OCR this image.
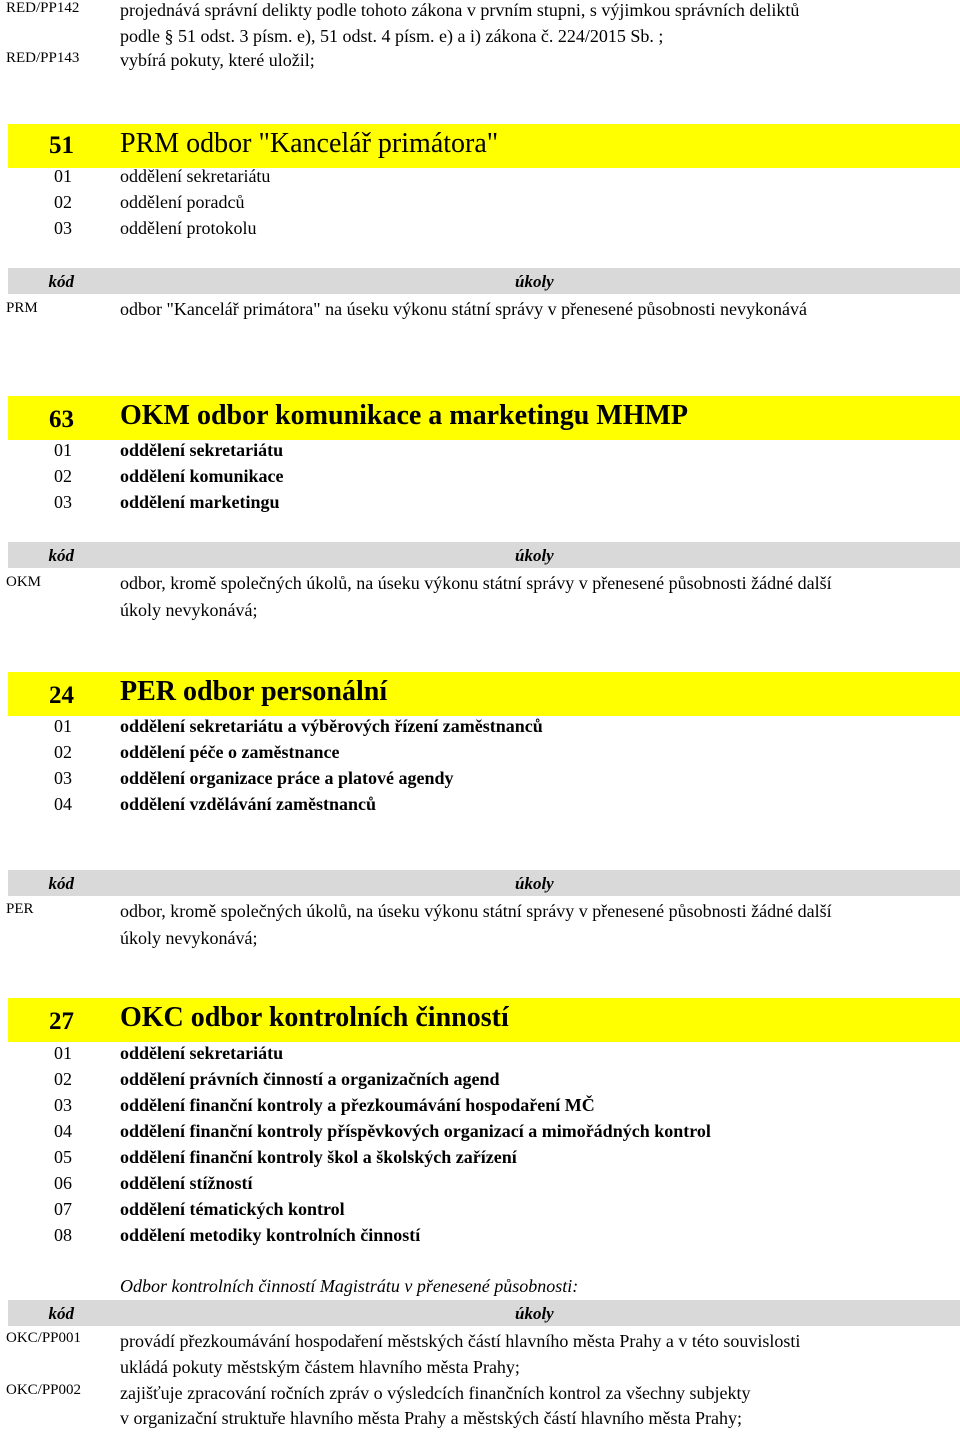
RED/PP142 projednává správní delikty podle tohoto zákona v prvním stupni, s výjimkou správních deliktů
podle § 51 odst. 3 písm. e), 51 odst. 4 písm. e) a i) zákona č. 224/2015 Sb. ;
RED/PP143 vybírá pokuty, které uložil;
51 PRM odbor "Kancelář primátora"
01	oddělení sekretariátu
02	oddělení poradců
03	oddělení protokolu
kód	úkoly
PRM	odbor "Kancelář primátora" na úseku výkonu státní správy v přenesené působnosti nevykonává
63 OKM odbor komunikace a marketingu MHMP
01	oddělení sekretariátu
02	oddělení komunikace
03	oddělení marketingu
kód	úkoly
OKM	odbor, kromě společných úkolů, na úseku výkonu státní správy v přenesené působnosti žádné další
úkoly nevykonává;
24 PER odbor personální
01	oddělení sekretariátu a výběrových řízení zaměstnanců
02	oddělení péče o zaměstnance
03	oddělení organizace práce a platové agendy
04	oddělení vzdělávání zaměstnanců
kód	úkoly
PER	odbor, kromě společných úkolů, na úseku výkonu státní správy v přenesené působnosti žádné další
úkoly nevykonává;
27 OKC odbor kontrolních činností
01	oddělení sekretariátu
02	oddělení právních činností a organizačních agend
03	oddělení finanční kontroly a přezkoumávání hospodaření MČ
04	oddělení finanční kontroly příspěvkových organizací a mimořádných kontrol
05	oddělení finanční kontroly škol a školských zařízení
06	oddělení stížností
07	oddělení tématických kontrol
08	oddělení metodiky kontrolních činností
Odbor kontrolních činností Magistrátu v přenesené působnosti:
kód	úkoly
OKC/PP001 provádí přezkoumávání hospodaření městských částí hlavního města Prahy a v této souvislosti
ukládá pokuty městským částem hlavního města Prahy;
OKC/PP002 zajišťuje zpracování ročních zpráv o výsledcích finančních kontrol za všechny subjekty
v organizační struktuře hlavního města Prahy a městských částí hlavního města Prahy;
